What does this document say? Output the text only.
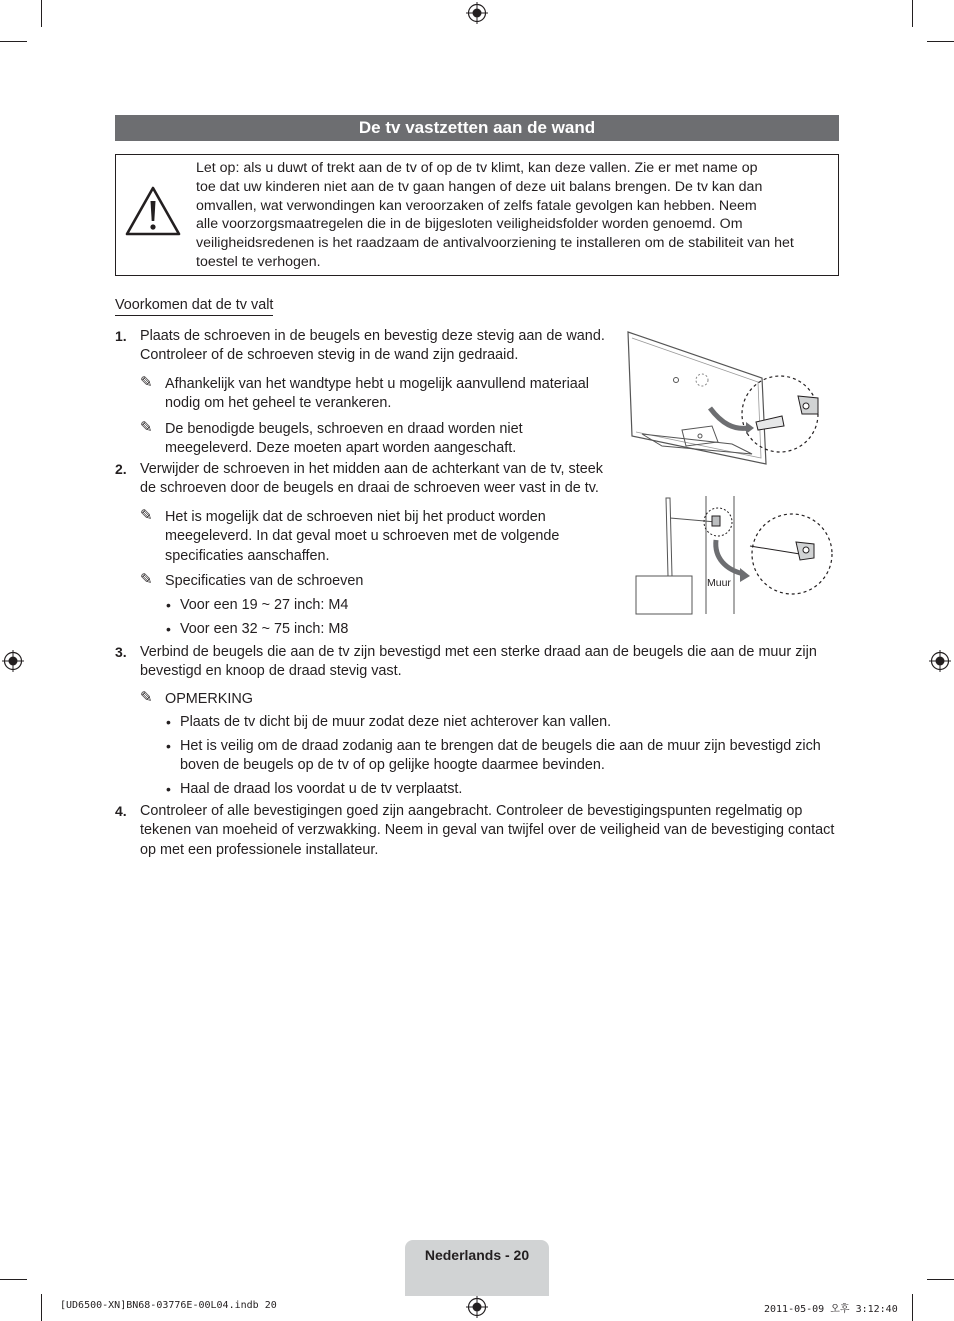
De tv vastzetten aan de wand
Let op: als u duwt of trekt aan de tv of op de tv klimt, kan deze vallen. Zie er met name op
toe dat uw kinderen niet aan de tv gaan hangen of deze uit balans brengen. De tv kan dan
omvallen, wat verwondingen kan veroorzaken of zelfs fatale gevolgen kan hebben. Neem
alle voorzorgsmaatregelen die in de bijgesloten veiligheidsfolder worden genoemd. Om
veiligheidsredenen is het raadzaam de antivalvoorziening te installeren om de stabiliteit van het
toestel te verhogen.
Voorkomen dat de tv valt
1. Plaats de schroeven in de beugels en bevestig deze stevig aan de wand.
Controleer of de schroeven stevig in de wand zijn gedraaid.
✎ Afhankelijk van het wandtype hebt u mogelijk aanvullend materiaal
nodig om het geheel te verankeren.
✎ De benodigde beugels, schroeven en draad worden niet
meegeleverd. Deze moeten apart worden aangeschaft.
2. Verwijder de schroeven in het midden aan de achterkant van de tv, steek
de schroeven door de beugels en draai de schroeven weer vast in de tv.
✎ Het is mogelijk dat de schroeven niet bij het product worden
meegeleverd. In dat geval moet u schroeven met de volgende
specificaties aanschaffen.
✎ Specificaties van de schroeven
• Voor een 19 ~ 27 inch: M4
• Voor een 32 ~ 75 inch: M8
3. Verbind de beugels die aan de tv zijn bevestigd met een sterke draad aan de beugels die aan de muur zijn
bevestigd en knoop de draad stevig vast.
✎ OPMERKING
• Plaats de tv dicht bij de muur zodat deze niet achterover kan vallen.
• Het is veilig om de draad zodanig aan te brengen dat de beugels die aan de muur zijn bevestigd zich
boven de beugels op de tv of op gelijke hoogte daarmee bevinden.
• Haal de draad los voordat u de tv verplaatst.
4. Controleer of alle bevestigingen goed zijn aangebracht. Controleer de bevestigingspunten regelmatig op
tekenen van moeheid of verzwakking. Neem in geval van twijfel over de veiligheid van de bevestiging contact
op met een professionele installateur.
Muur
Nederlands - 20
[UD6500-XN]BN68-03776E-00L04.indb 20	2011-05-09 오후 3:12:40
